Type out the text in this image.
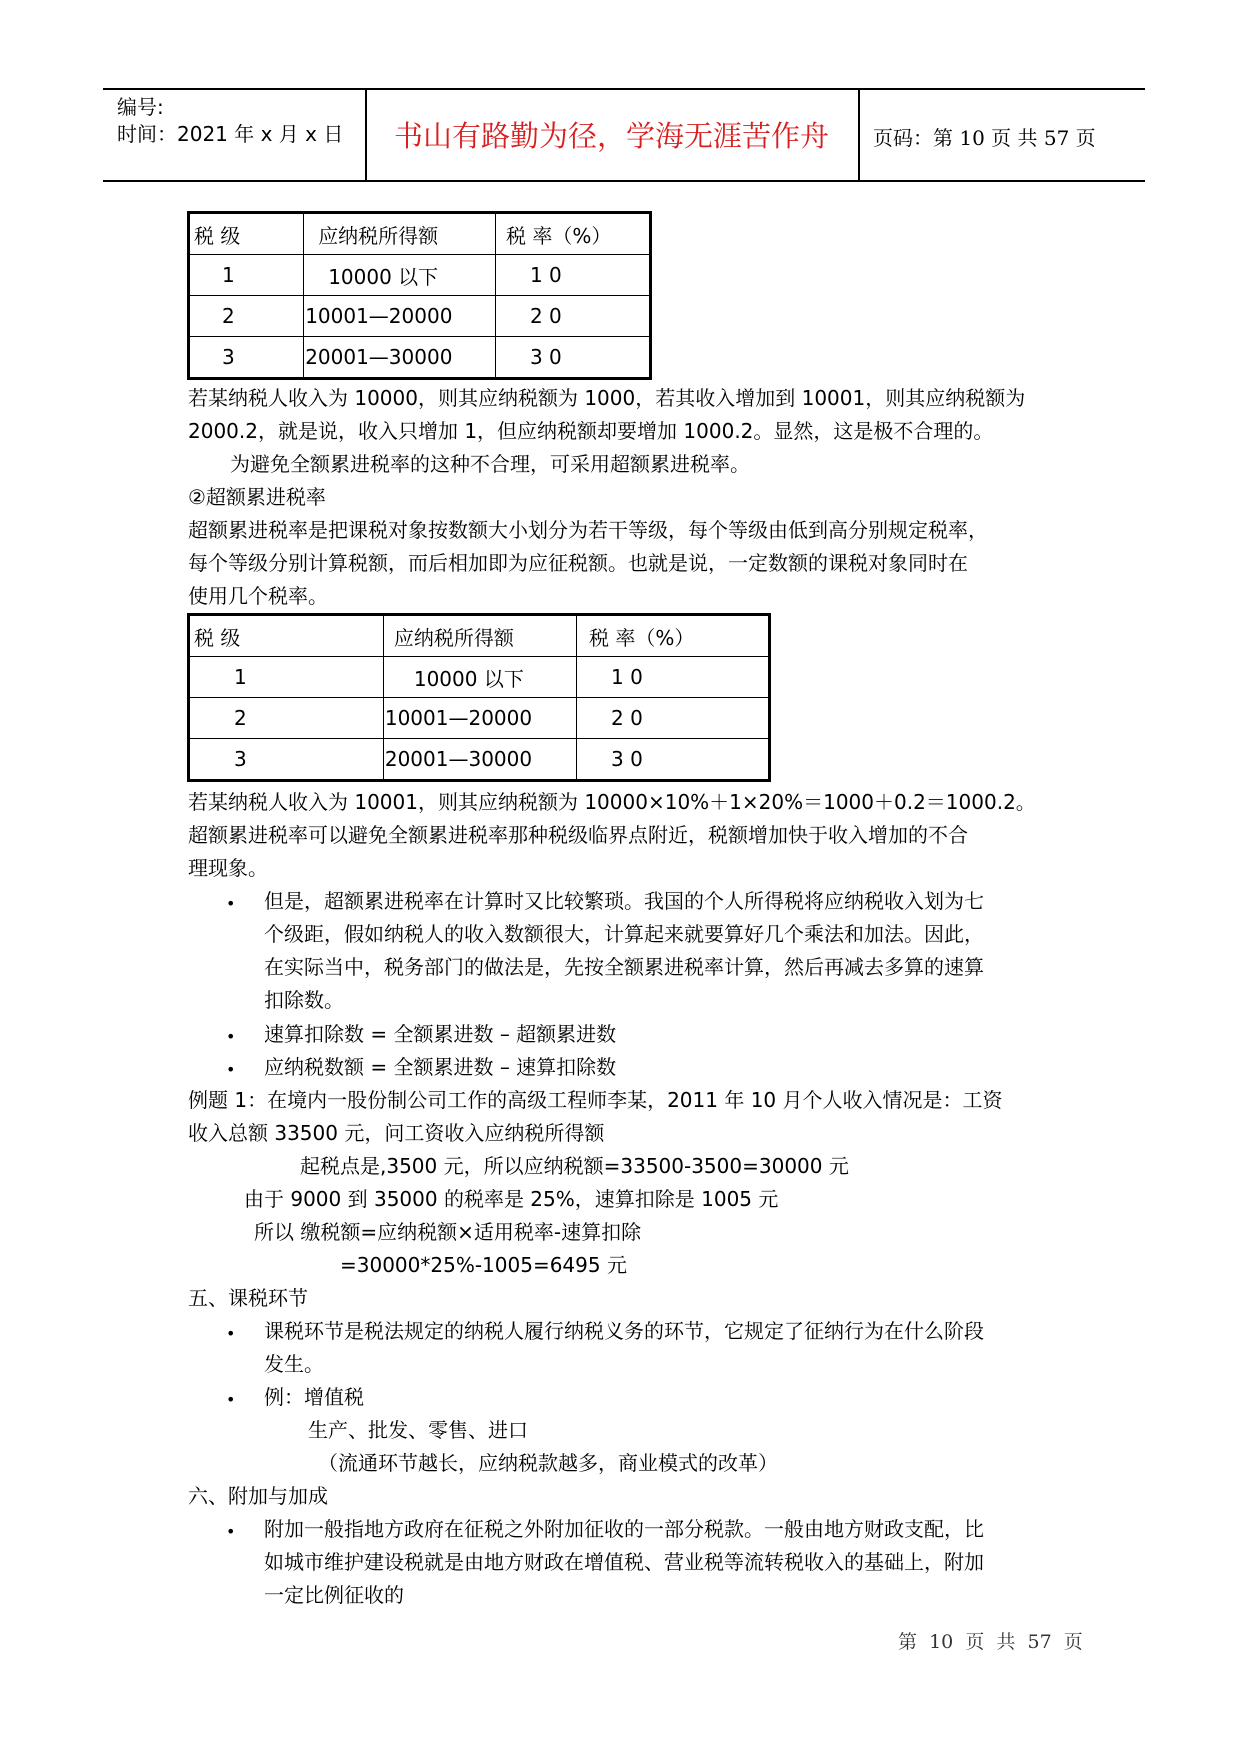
编号:
时间：2021 年 x 月 x 日	书山有路勤为径，学海无涯苦作舟	页码：第 10 页 共 57 页
税 级	应纳税所得额	税 率（%）
1	10000 以下	1 0
2	10001—20000	2 0
3	20001—30000	3 0
若某纳税人收入为 10000，则其应纳税额为 1000，若其收入增加到 10001，则其应纳税额为
2000.2，就是说，收入只增加 1，但应纳税额却要增加 1000.2。显然，这是极不合理的。
为避免全额累进税率的这种不合理，可采用超额累进税率。
②超额累进税率
超额累进税率是把课税对象按数额大小划分为若干等级，每个等级由低到高分别规定税率，
每个等级分别计算税额，而后相加即为应征税额。也就是说，一定数额的课税对象同时在
使用几个税率。
税 级	应纳税所得额	税 率（%）
1	10000 以下	1 0
2	10001—20000	2 0
3	20001—30000	3 0
若某纳税人收入为 10001，则其应纳税额为 10000×10%＋1×20%＝1000＋0.2＝1000.2。
超额累进税率可以避免全额累进税率那种税级临界点附近，税额增加快于收入增加的不合
理现象。
• 但是，超额累进税率在计算时又比较繁琐。我国的个人所得税将应纳税收入划为七
个级距，假如纳税人的收入数额很大，计算起来就要算好几个乘法和加法。因此，
在实际当中，税务部门的做法是，先按全额累进税率计算，然后再减去多算的速算
扣除数。
• 速算扣除数 = 全额累进数 – 超额累进数
• 应纳税数额 = 全额累进数 – 速算扣除数
例题 1：在境内一股份制公司工作的高级工程师李某，2011 年 10 月个人收入情况是：工资
收入总额 33500 元，问工资收入应纳税所得额
起税点是,3500 元，所以应纳税额=33500-3500=30000 元
由于 9000 到 35000 的税率是 25%，速算扣除是 1005 元
所以 缴税额=应纳税额×适用税率-速算扣除
=30000*25%-1005=6495 元
五、课税环节
• 课税环节是税法规定的纳税人履行纳税义务的环节，它规定了征纳行为在什么阶段
发生。
• 例：增值税
生产、批发、零售、进口
（流通环节越长，应纳税款越多，商业模式的改革）
六、附加与加成
• 附加一般指地方政府在征税之外附加征收的一部分税款。一般由地方财政支配，比
如城市维护建设税就是由地方财政在增值税、营业税等流转税收入的基础上，附加
一定比例征收的
第  10  页  共  57  页
